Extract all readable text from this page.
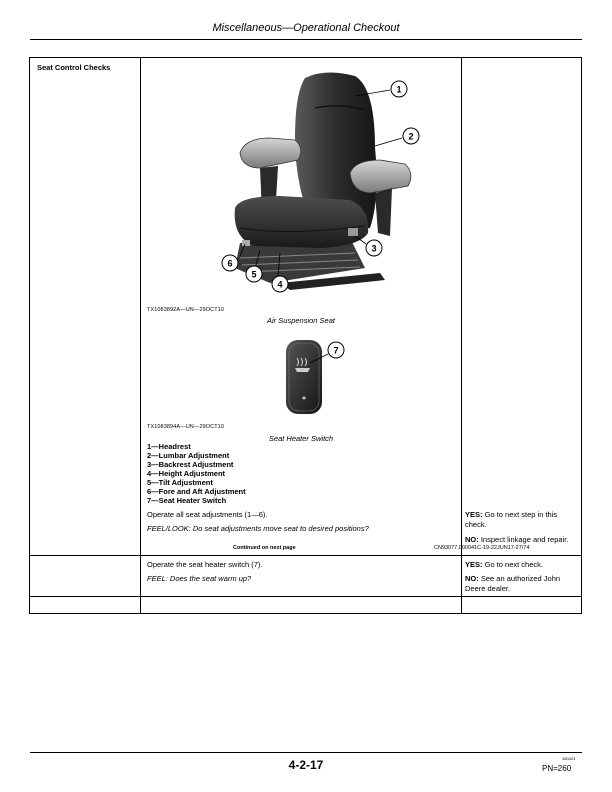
Miscellaneous—Operational Checkout
Seat Control Checks
1
2
3
4
5
6
TX1083892A—UN—29OCT10
Air Suspension Seat
7
TX1083894A—UN—29OCT10
Seat Heater Switch
1—Headrest
2—Lumbar Adjustment
3—Backrest Adjustment
4—Height Adjustment
5—Tilt Adjustment
6—Fore and Aft Adjustment
7—Seat Heater Switch
Operate all seat adjustments (1—6).
FEEL/LOOK: Do seat adjustments move seat to desired positions?
YES: Go to next step in this check.
NO: Inspect linkage and repair.
Operate the seat heater switch (7).
FEEL: Does the seat warm up?
YES: Go to next check.
NO: See an authorized John Deere dealer.
Continued on next page	CN93077,000041C-19-22JUN17-27/74
4-2-17	180423
PN=260
